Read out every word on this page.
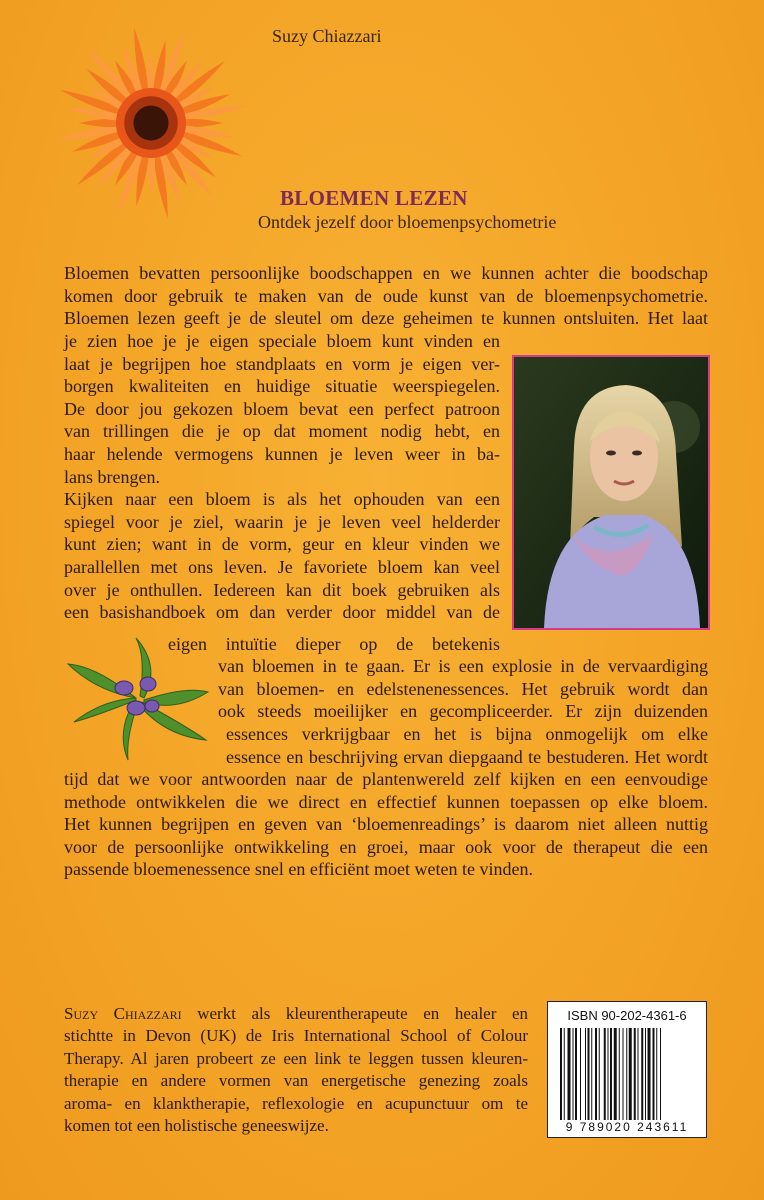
Suzy Chiazzari
BLOEMEN LEZEN
Ontdek jezelf door bloemenpsychometrie
Bloemen bevatten persoonlijke boodschappen en we kunnen achter die boodschap
komen door gebruik te maken van de oude kunst van de bloemenpsychometrie.
Bloemen lezen geeft je de sleutel om deze geheimen te kunnen ontsluiten. Het laat
je zien hoe je je eigen speciale bloem kunt vinden en
laat je begrijpen hoe standplaats en vorm je eigen ver-
borgen kwaliteiten en huidige situatie weerspiegelen.
De door jou gekozen bloem bevat een perfect patroon
van trillingen die je op dat moment nodig hebt, en
haar helende vermogens kunnen je leven weer in ba-
lans brengen.
Kijken naar een bloem is als het ophouden van een
spiegel voor je ziel, waarin je je leven veel helderder
kunt zien; want in de vorm, geur en kleur vinden we
parallellen met ons leven. Je favoriete bloem kan veel
over je onthullen. Iedereen kan dit boek gebruiken als
een basishandboek om dan verder door middel van de
eigen intuïtie dieper op de betekenis
van bloemen in te gaan. Er is een explosie in de vervaardiging
van bloemen- en edelstenenessences. Het gebruik wordt dan
ook steeds moeilijker en gecompliceerder. Er zijn duizenden
essences verkrijgbaar en het is bijna onmogelijk om elke
essence en beschrijving ervan diepgaand te bestuderen. Het wordt
tijd dat we voor antwoorden naar de plantenwereld zelf kijken en een eenvoudige
methode ontwikkelen die we direct en effectief kunnen toepassen op elke bloem.
Het kunnen begrijpen en geven van ‘bloemenreadings’ is daarom niet alleen nuttig
voor de persoonlijke ontwikkeling en groei, maar ook voor de therapeut die een
passende bloemenessence snel en efficiënt moet weten te vinden.
Suzy Chiazzari werkt als kleurentherapeute en healer en
stichtte in Devon (UK) de Iris International School of Colour
Therapy. Al jaren probeert ze een link te leggen tussen kleuren-
therapie en andere vormen van energetische genezing zoals
aroma- en klanktherapie, reflexologie en acupunctuur om te
komen tot een holistische geneeswijze.
ISBN 90-202-4361-6
9 789020 243611
